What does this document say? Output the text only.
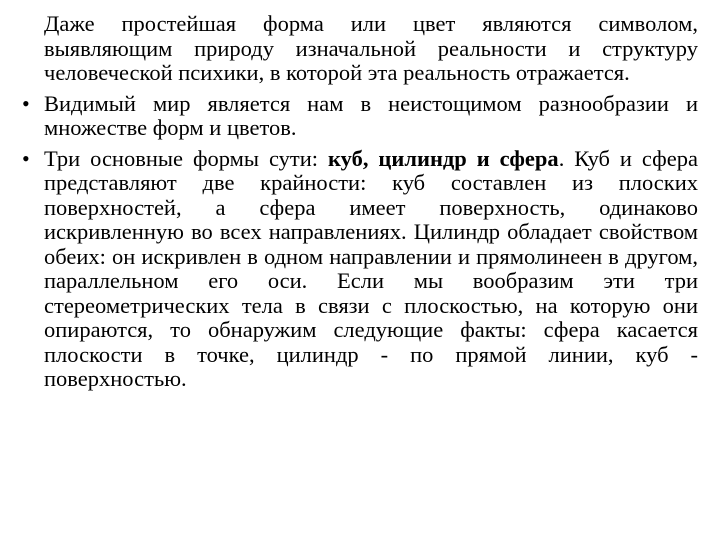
Даже простейшая форма или цвет являются символом, выявляющим природу изначальной реальности и структуру человеческой психики, в которой эта реальность отражается.

• Видимый мир является нам в неистощимом разнообразии и множестве форм и цветов.

• Три основные формы сути: куб, цилиндр и сфера. Куб и сфера представляют две крайности: куб составлен из плоских поверхностей, а сфера имеет поверхность, одинаково искривленную во всех направлениях. Цилиндр обладает свойством обеих: он искривлен в одном направлении и прямолинеен в другом, параллельном его оси. Если мы вообразим эти три стереометрических тела в связи с плоскостью, на которую они опираются, то обнаружим следующие факты: сфера касается плоскости в точке, цилиндр - по прямой линии, куб - поверхностью.
